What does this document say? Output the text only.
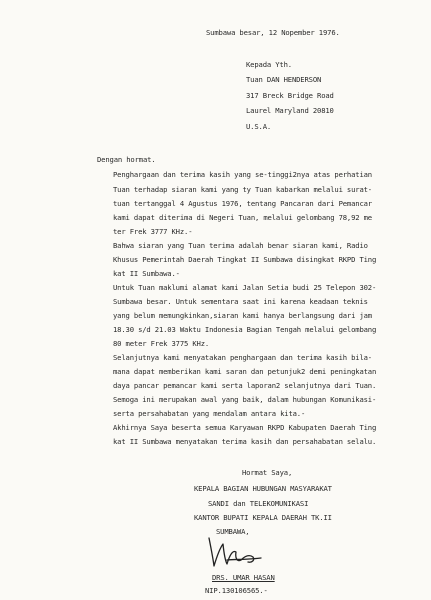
Sumbawa besar, 12 Nopember 1976.
Kepada Yth.
Tuan DAN HENDERSON
317 Breck Bridge Road
Laurel Maryland 20810
U.S.A.
Dengan hormat.
Penghargaan dan terima kasih yang se-tinggi2nya atas perhatian
Tuan terhadap siaran kami yang ty Tuan kabarkan melalui surat-
tuan tertanggal 4 Agustus 1976, tentang Pancaran dari Pemancar
kami dapat diterima di Negeri Tuan, melalui gelombang 78,92 me
ter Frek 3777 KHz.-
Bahwa siaran yang Tuan terima adalah benar siaran kami, Radio
Khusus Pemerintah Daerah Tingkat II Sumbawa disingkat RKPD Ting
kat II Sumbawa.-
Untuk Tuan maklumi alamat kami Jalan Setia budi 25 Telepon 302-
Sumbawa besar. Untuk sementara saat ini karena keadaan teknis
yang belum memungkinkan,siaran kami hanya berlangsung dari jam
18.30 s/d 21.03 Waktu Indonesia Bagian Tengah melalui gelombang
80 meter Frek 3775 KHz.
Selanjutnya kami menyatakan penghargaan dan terima kasih bila-
mana dapat memberikan kami saran dan petunjuk2 demi peningkatan
daya pancar pemancar kami serta laporan2 selanjutnya dari Tuan.
Semoga ini merupakan awal yang baik, dalam hubungan Komunikasi-
serta persahabatan yang mendalam antara kita.-
Akhirnya Saya beserta semua Karyawan RKPD Kabupaten Daerah Ting
kat II Sumbawa menyatakan terima kasih dan persahabatan selalu.
Hormat Saya,
KEPALA BAGIAN HUBUNGAN MASYARAKAT
SANDI dan TELEKOMUNIKASI
KANTOR BUPATI KEPALA DAERAH TK.II
SUMBAWA,
DRS. UMAR HASAN
NIP.130106565.-
